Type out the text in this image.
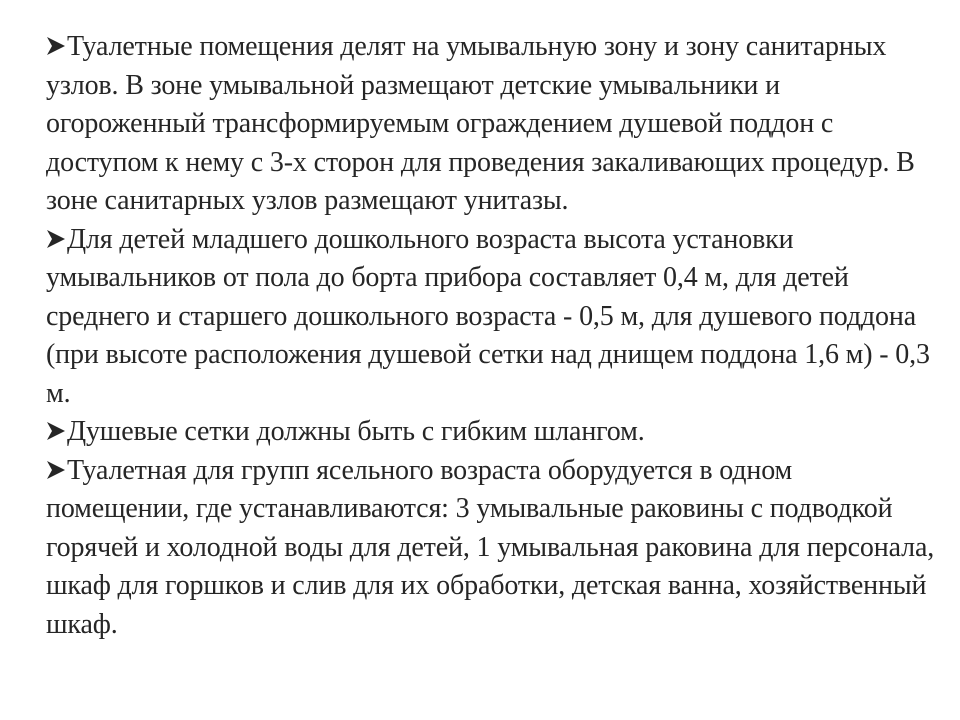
Туалетные помещения делят на умывальную зону и зону санитарных узлов. В зоне умывальной размещают детские умывальники и огороженный трансформируемым ограждением душевой поддон с доступом к нему с 3-х сторон для проведения закаливающих процедур. В зоне санитарных узлов размещают унитазы.

Для детей младшего дошкольного возраста высота установки умывальников от пола до борта прибора составляет 0,4 м, для детей среднего и старшего дошкольного возраста - 0,5 м, для душевого поддона (при высоте расположения душевой сетки над днищем поддона 1,6 м) - 0,3 м.

Душевые сетки должны быть с гибким шлангом.

Туалетная для групп ясельного возраста оборудуется в одном помещении, где устанавливаются: 3 умывальные раковины с подводкой горячей и холодной воды для детей, 1 умывальная раковина для персонала, шкаф для горшков и слив для их обработки, детская ванна, хозяйственный шкаф.
